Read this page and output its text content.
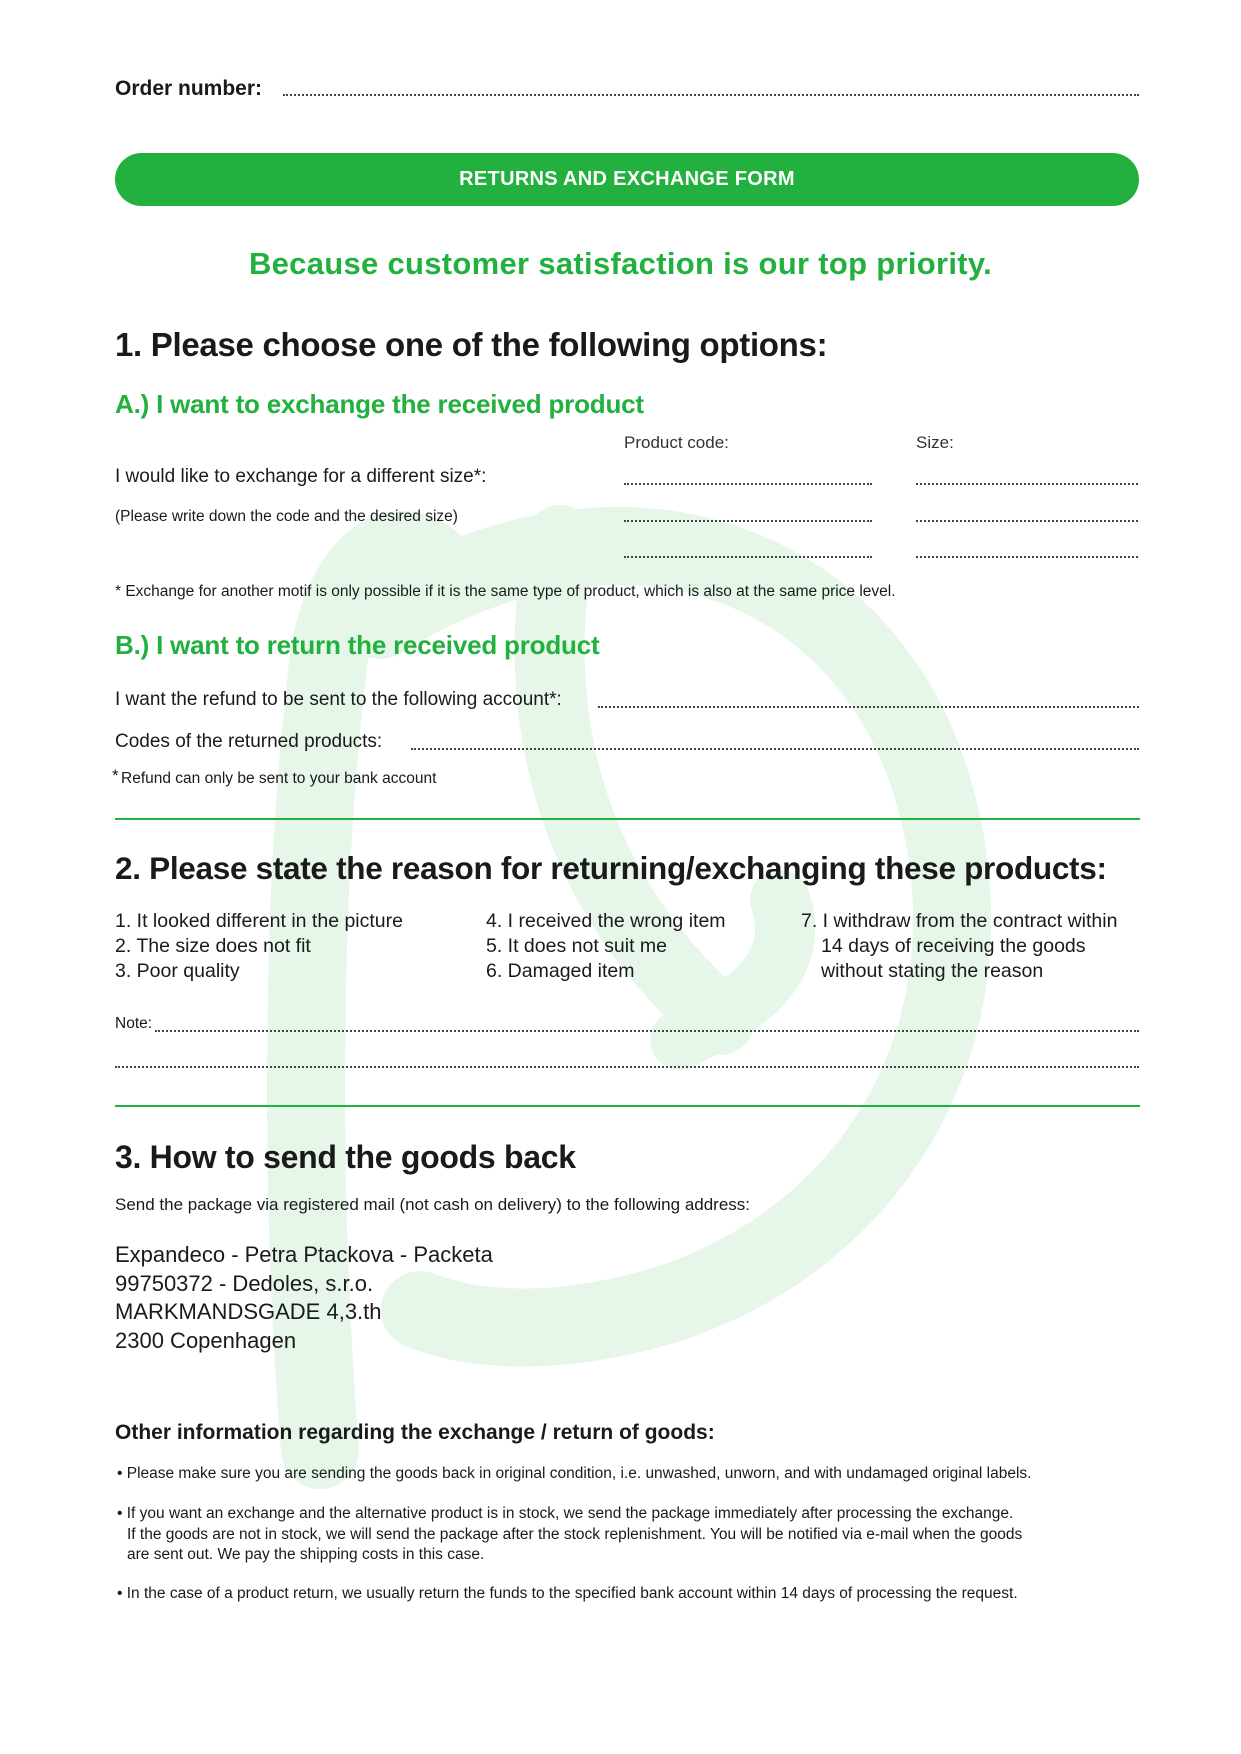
Order number:
RETURNS AND EXCHANGE FORM
Because customer satisfaction is our top priority.
1. Please choose one of the following options:
A.) I want to exchange the received product
Product code:	Size:
I would like to exchange for a different size*:
(Please write down the code and the desired size)
* Exchange for another motif is only possible if it is the same type of product, which is also at the same price level.
B.) I want to return the received product
I want the refund to be sent to the following account*:
Codes of the returned products:
* Refund can only be sent to your bank account
2. Please state the reason for returning/exchanging these products:
1. It looked different in the picture
2. The size does not fit
3. Poor quality
4. I received the wrong item
5. It does not suit me
6. Damaged item
7. I withdraw from the contract within
14 days of receiving the goods
without stating the reason
Note:
3. How to send the goods back
Send the package via registered mail (not cash on delivery) to the following address:
Expandeco - Petra Ptackova - Packeta
99750372 - Dedoles, s.r.o.
MARKMANDSGADE 4,3.th
2300 Copenhagen
Other information regarding the exchange / return of goods:
• Please make sure you are sending the goods back in original condition, i.e. unwashed, unworn, and with undamaged original labels.
• If you want an exchange and the alternative product is in stock, we send the package immediately after processing the exchange.
If the goods are not in stock, we will send the package after the stock replenishment. You will be notified via e-mail when the goods
are sent out. We pay the shipping costs in this case.
• In the case of a product return, we usually return the funds to the specified bank account within 14 days of processing the request.
